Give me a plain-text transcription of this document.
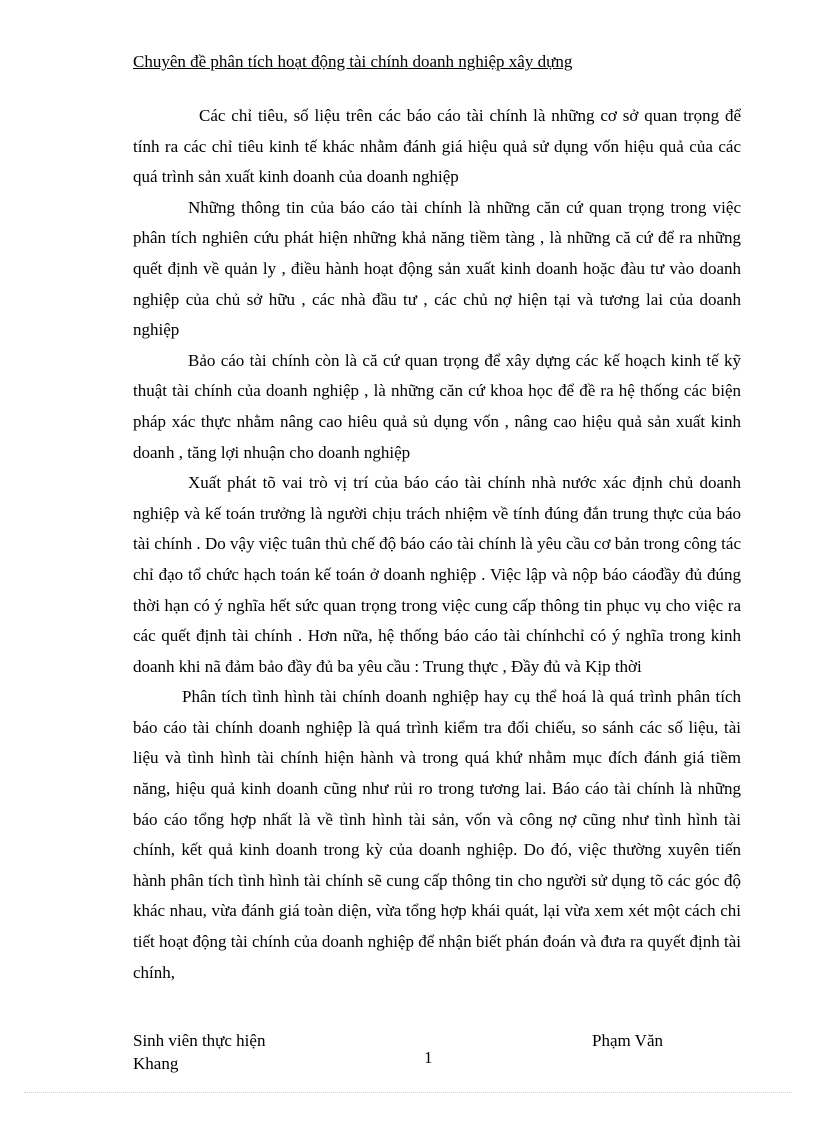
Chuyên đề phân tích hoạt động tài chính doanh nghiệp xây dựng

Các chỉ tiêu, số liệu trên các báo cáo tài chính là những cơ sở quan trọng để tính ra các chỉ tiêu kinh tế khác nhằm đánh giá hiệu quả sử dụng vốn hiệu quả của các quá trình sản xuất kinh doanh của doanh nghiệp

Những thông tin của báo cáo tài chính là những căn cứ quan trọng trong việc phân tích nghiên cứu phát hiện những khả năng tiềm tàng , là những că cứ để ra những quết định về quản ly , điều hành hoạt động sản xuất kinh doanh hoặc đàu tư vào doanh nghiệp của chủ sở hữu , các nhà đầu tư , các chủ nợ hiện tại và tương lai của doanh nghiệp

Bảo cáo tài chính còn là că cứ quan trọng để xây dựng các kế hoạch kinh tế kỹ thuật tài chính của doanh nghiệp , là những căn cứ khoa học để đề ra hệ thống các biện pháp xác thực nhằm nâng cao hiêu quả sủ dụng vốn , nâng cao hiệu quả sản xuất kinh doanh , tăng lợi nhuận cho doanh nghiệp

Xuất phát tõ vai trò vị trí của báo cáo tài chính nhà nước xác định chủ doanh nghiệp và kế toán trưởng là người chịu trách nhiệm về tính đúng đắn trung thực của báo tài chính . Do vậy việc tuân thủ chế độ báo cáo tài chính là yêu cầu cơ bản trong công tác chỉ đạo tổ chức hạch toán kế toán ở doanh nghiệp . Việc lập và nộp báo cáođầy đủ đúng thời hạn có ý nghĩa hết sức quan trọng trong việc cung cấp thông tin phục vụ cho việc ra các quết định tài chính . Hơn nữa, hệ thống báo cáo tài chínhchỉ có ý nghĩa trong kinh doanh khi nã đảm bảo đầy đủ ba yêu cầu : Trung thực , Đầy đủ và Kịp thời

Phân tích tình hình tài chính doanh nghiệp hay cụ thể hoá là quá trình phân tích báo cáo tài chính doanh nghiệp là quá trình kiểm tra đối chiếu, so sánh các số liệu, tài liệu và tình hình tài chính hiện hành và trong quá khứ nhằm mục đích đánh giá tiềm năng, hiệu quả kinh doanh cũng như rủi ro trong tương lai. Báo cáo tài chính là những báo cáo tổng hợp nhất là về tình hình tài sản, vốn và công nợ cũng như tình hình tài chính, kết quả kinh doanh trong kỳ của doanh nghiệp. Do đó, việc thường xuyên tiến hành phân tích tình hình tài chính sẽ cung cấp thông tin cho người sử dụng tõ các góc độ khác nhau, vừa đánh giá toàn diện, vừa tổng hợp khái quát, lại vừa xem xét một cách chi tiết hoạt động tài chính của doanh nghiệp để nhận biết phán đoán và đưa ra quyết định tài chính,

Sinh viên thực hiện
Khang	1
Phạm Văn
